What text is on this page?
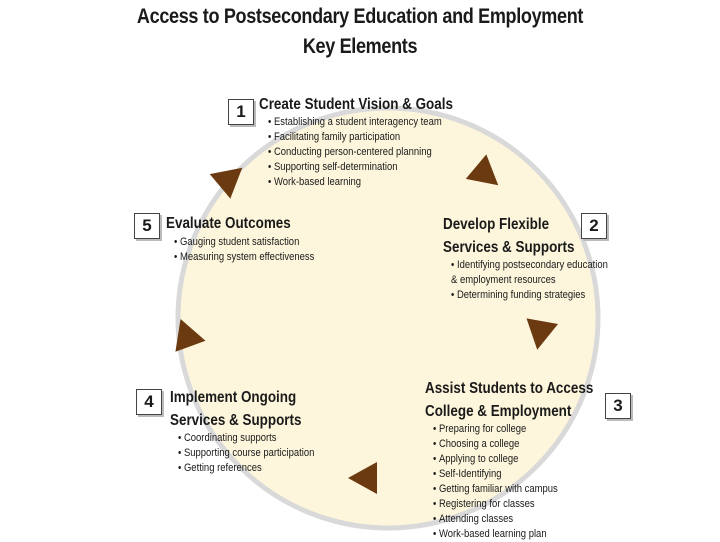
Access to Postsecondary Education and Employment
Key Elements
1 Create Student Vision & Goals
• Establishing a student interagency team
• Facilitating family participation
• Conducting person-centered planning
• Supporting self-determination
• Work-based learning
2
Develop Flexible
Services & Supports
• Identifying postsecondary education
& employment resources
• Determining funding strategies
3
Assist Students to Access
College & Employment
• Preparing for college
• Choosing a college
• Applying to college
• Self-Identifying
• Getting familiar with campus
• Registering for classes
• Attending classes
• Work-based learning plan
4	Implement Ongoing
Services & Supports
• Coordinating supports
• Supporting course participation
• Getting references
5 Evaluate Outcomes
• Gauging student satisfaction
• Measuring system effectiveness
